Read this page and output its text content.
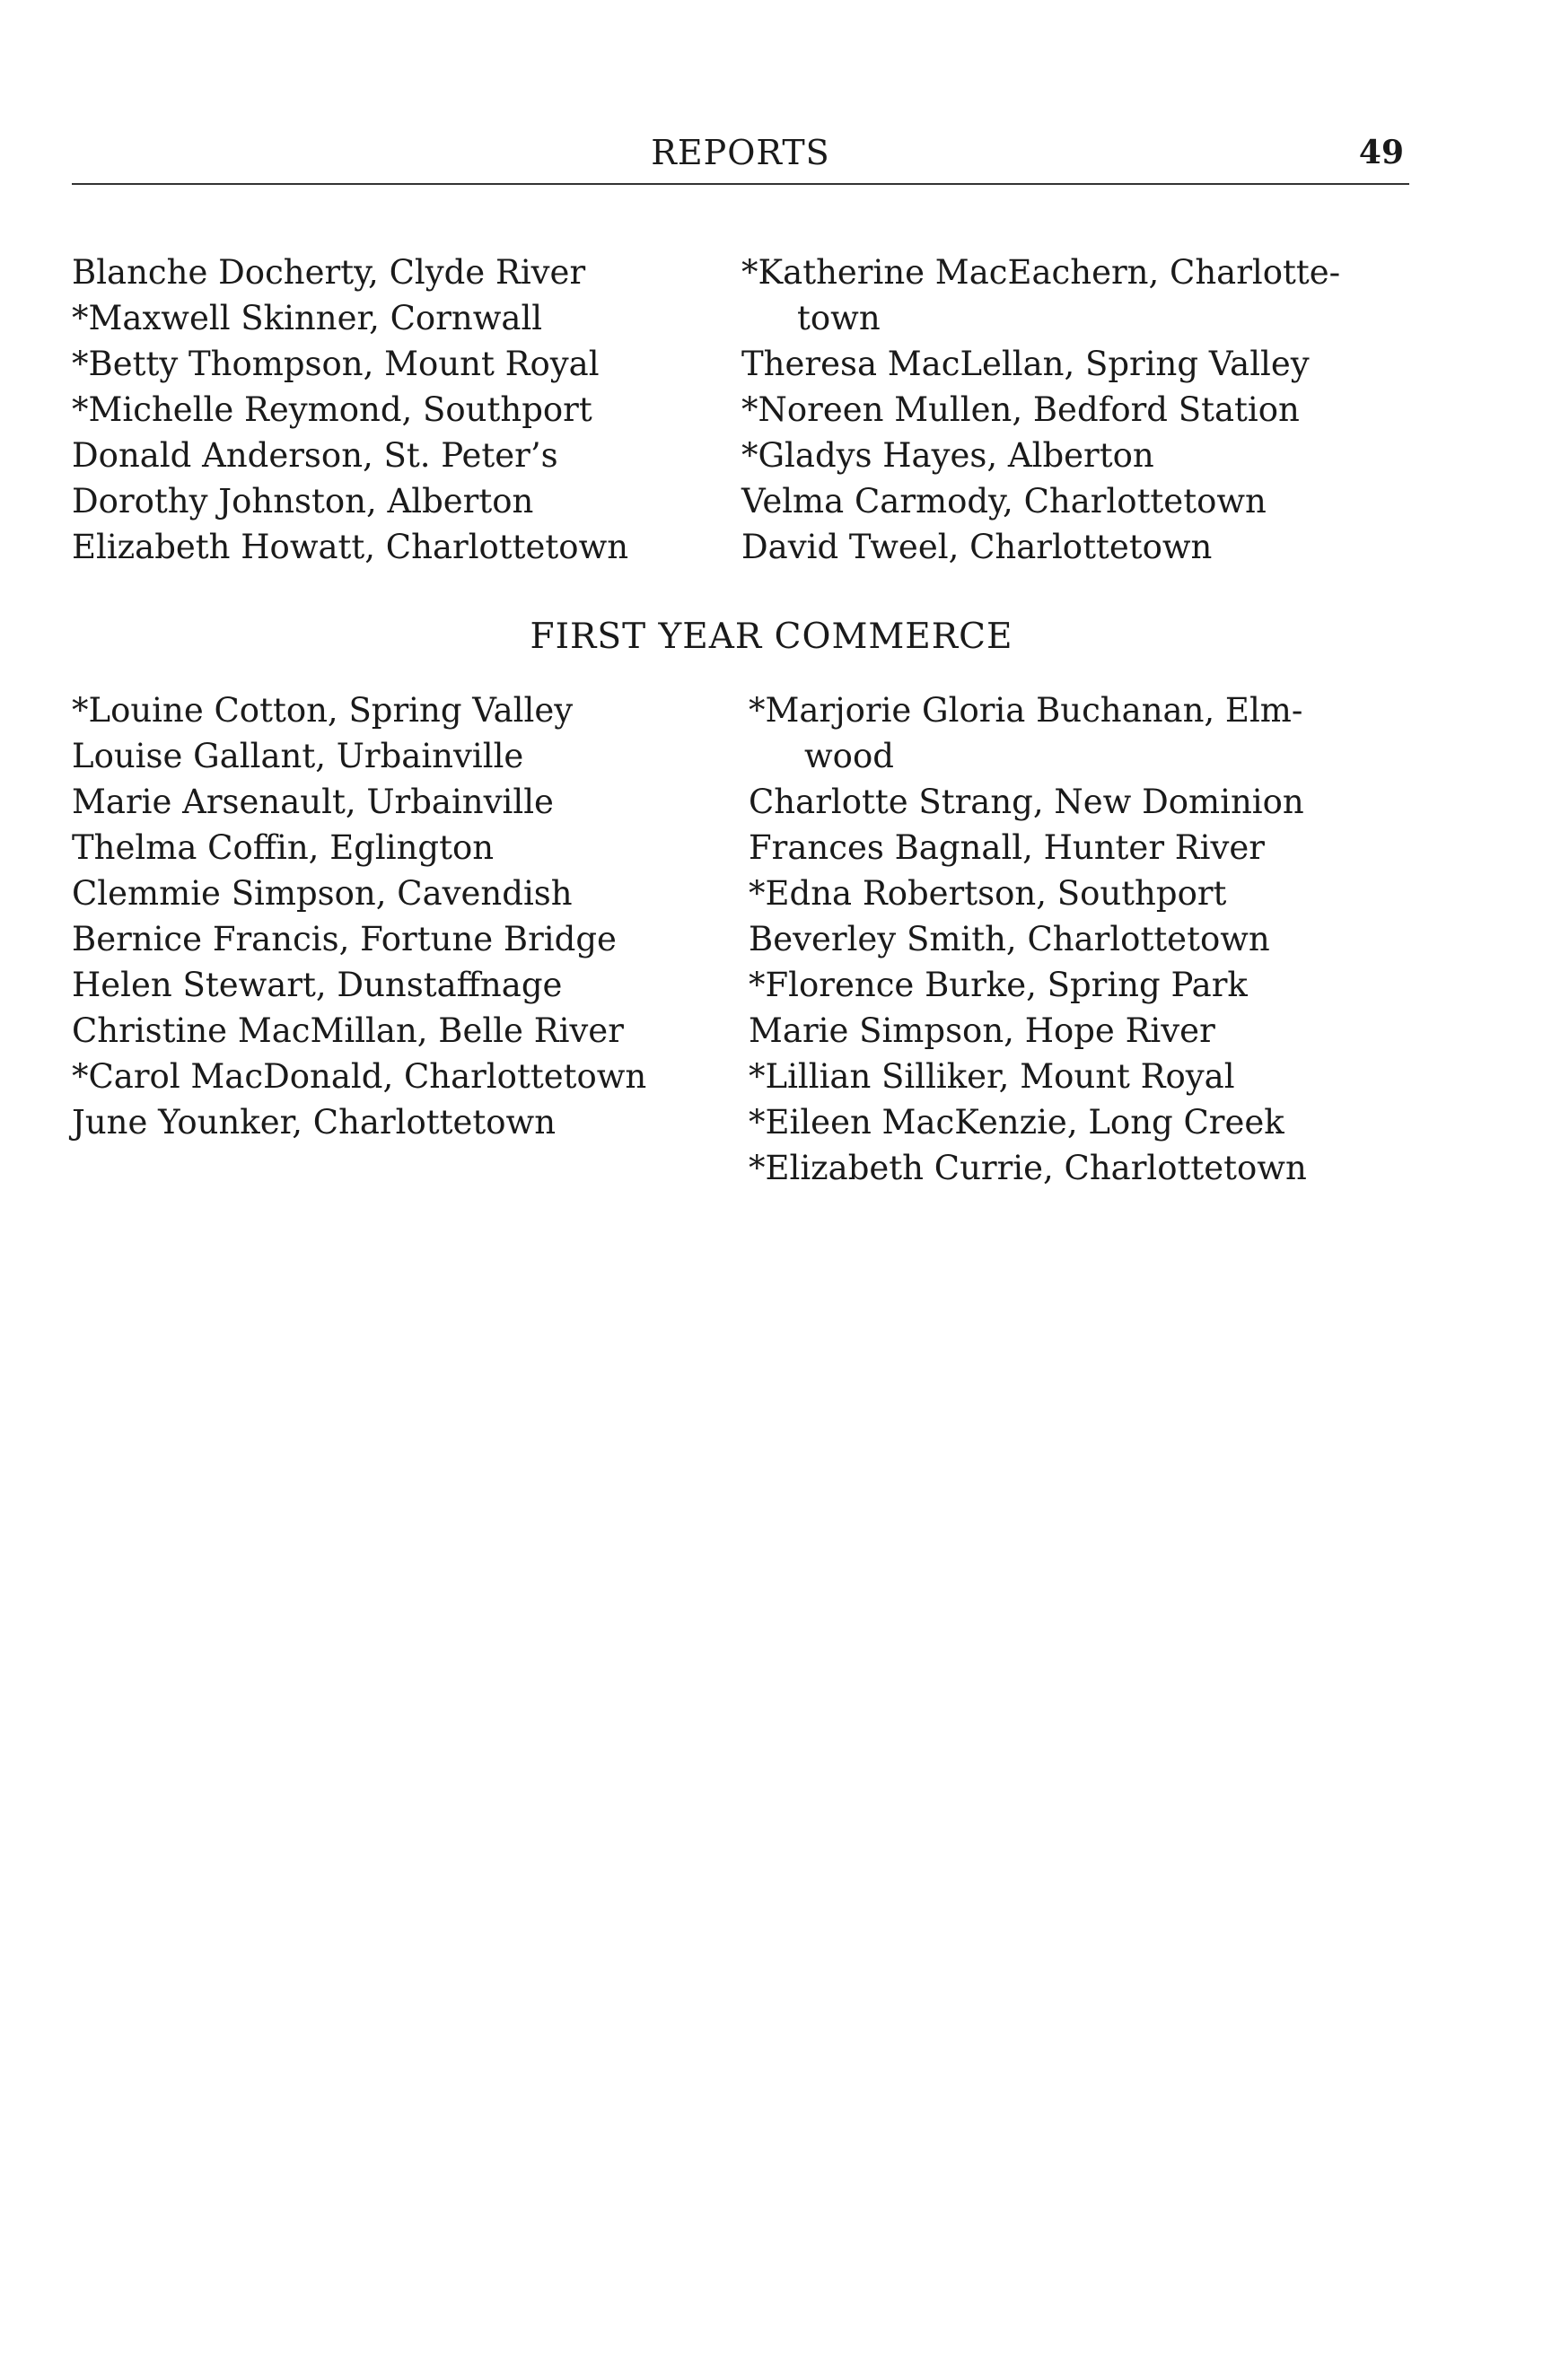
REPORTS	49
Blanche Docherty, Clyde River
*Maxwell Skinner, Cornwall
*Betty Thompson, Mount Royal
*Michelle Reymond, Southport
Donald Anderson, St. Peter’s
Dorothy Johnston, Alberton
Elizabeth Howatt, Charlottetown
*Katherine MacEachern, Charlotte-
town
Theresa MacLellan, Spring Valley
*Noreen Mullen, Bedford Station
*Gladys Hayes, Alberton
Velma Carmody, Charlottetown
David Tweel, Charlottetown
FIRST YEAR COMMERCE
*Louine Cotton, Spring Valley
Louise Gallant, Urbainville
Marie Arsenault, Urbainville
Thelma Coffin, Eglington
Clemmie Simpson, Cavendish
Bernice Francis, Fortune Bridge
Helen Stewart, Dunstaffnage
Christine MacMillan, Belle River
*Carol MacDonald, Charlottetown
June Younker, Charlottetown
*Marjorie Gloria Buchanan, Elm-
wood
Charlotte Strang, New Dominion
Frances Bagnall, Hunter River
*Edna Robertson, Southport
Beverley Smith, Charlottetown
*Florence Burke, Spring Park
Marie Simpson, Hope River
*Lillian Silliker, Mount Royal
*Eileen MacKenzie, Long Creek
*Elizabeth Currie, Charlottetown
